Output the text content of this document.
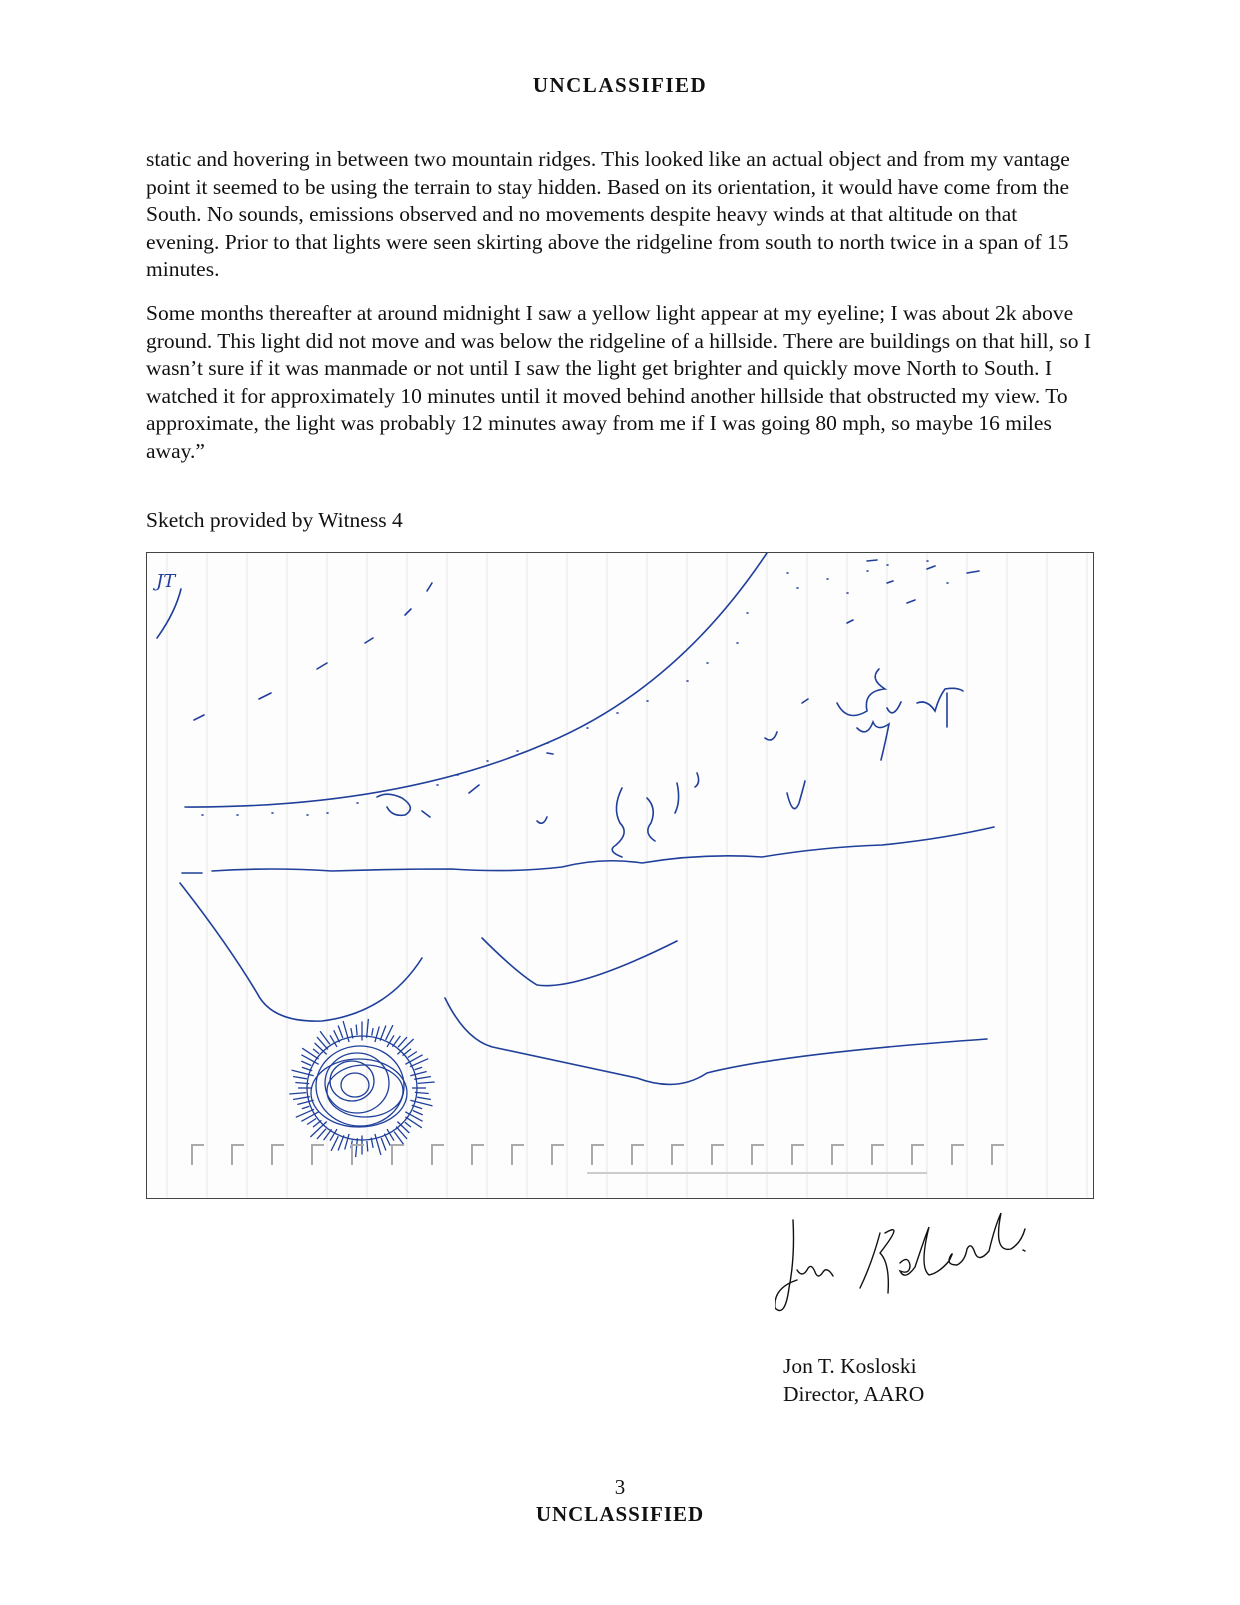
UNCLASSIFIED

static and hovering in between two mountain ridges. This looked like an actual object and from my vantage point it seemed to be using the terrain to stay hidden. Based on its orientation, it would have come from the South. No sounds, emissions observed and no movements despite heavy winds at that altitude on that evening. Prior to that lights were seen skirting above the ridgeline from south to north twice in a span of 15 minutes.

Some months thereafter at around midnight I saw a yellow light appear at my eyeline; I was about 2k above ground. This light did not move and was below the ridgeline of a hillside. There are buildings on that hill, so I wasn’t sure if it was manmade or not until I saw the light get brighter and quickly move North to South. I watched it for approximately 10 minutes until it moved behind another hillside that obstructed my view. To approximate, the light was probably 12 minutes away from me if I was going 80 mph, so maybe 16 miles away.”

Sketch provided by Witness 4
JT
Jon T. Kosloski
Director, AARO
3
UNCLASSIFIED
